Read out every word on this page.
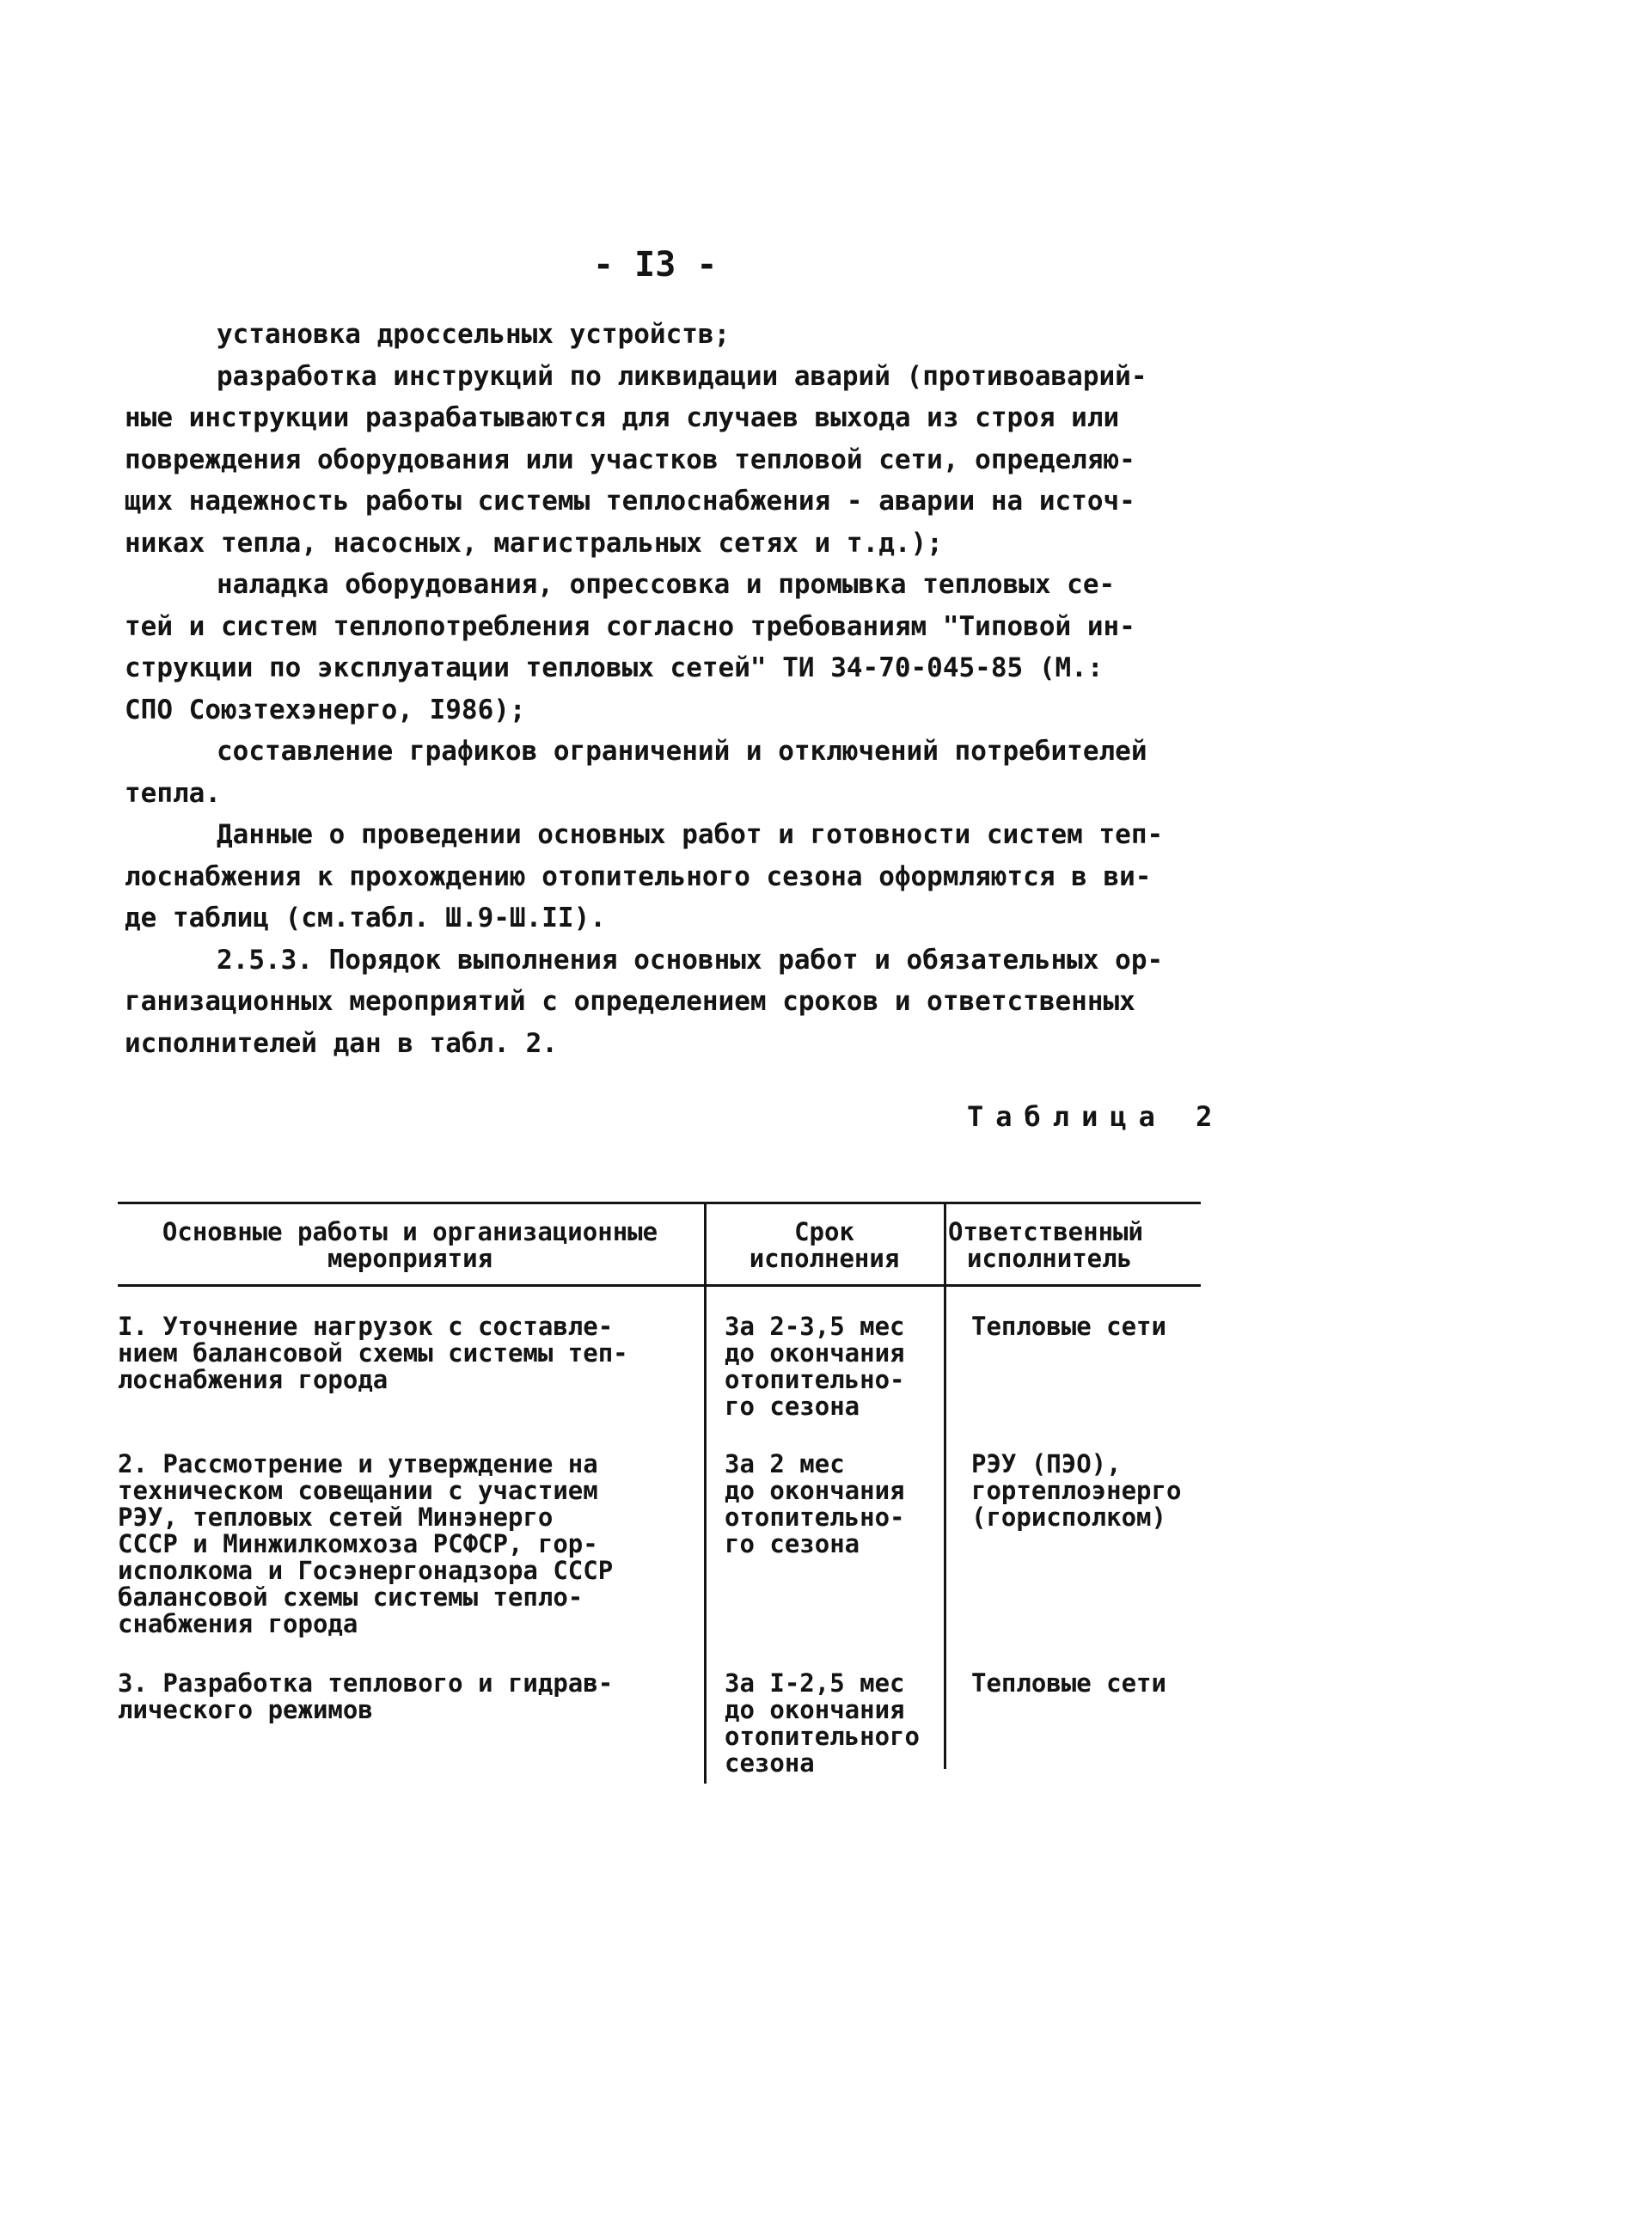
- I3 -
установка дроссельных устройств;
разработка инструкций по ликвидации аварий (противоаварий-
ные инструкции разрабатываются для случаев выхода из строя или
повреждения оборудования или участков тепловой сети, определяю-
щих надежность работы системы теплоснабжения - аварии на источ-
никах тепла, насосных, магистральных сетях и т.д.);
наладка оборудования, опрессовка и промывка тепловых се-
тей и систем теплопотребления согласно требованиям "Типовой ин-
струкции по эксплуатации тепловых сетей" ТИ 34-70-045-85 (М.:
СПО Союзтехэнерго, I986);
составление графиков ограничений и отключений потребителей
тепла.
Данные о проведении основных работ и готовности систем теп-
лоснабжения к прохождению отопительного сезона оформляются в ви-
де таблиц (см.табл. Ш.9-Ш.II).
2.5.3. Порядок выполнения основных работ и обязательных ор-
ганизационных мероприятий с определением сроков и ответственных
исполнителей дан в табл. 2.
Таблица 2
Основные работы и организационные
мероприятия
Срок
исполнения
Ответственный
исполнитель
I. Уточнение нагрузок с составле-
нием балансовой схемы системы теп-
лоснабжения города
За 2-3,5 мес
до окончания
отопительно-
го сезона
Тепловые сети
2. Рассмотрение и утверждение на
техническом совещании с участием
РЭУ, тепловых сетей Минэнерго
СССР и Минжилкомхоза РСФСР, гор-
исполкома и Госэнергонадзора СССР
балансовой схемы системы тепло-
снабжения города
За 2 мес
до окончания
отопительно-
го сезона
РЭУ (ПЭО),
гортеплоэнерго
(горисполком)
3. Разработка теплового и гидрав-
лического режимов
За I-2,5 мес
до окончания
отопительного
сезона
Тепловые сети
